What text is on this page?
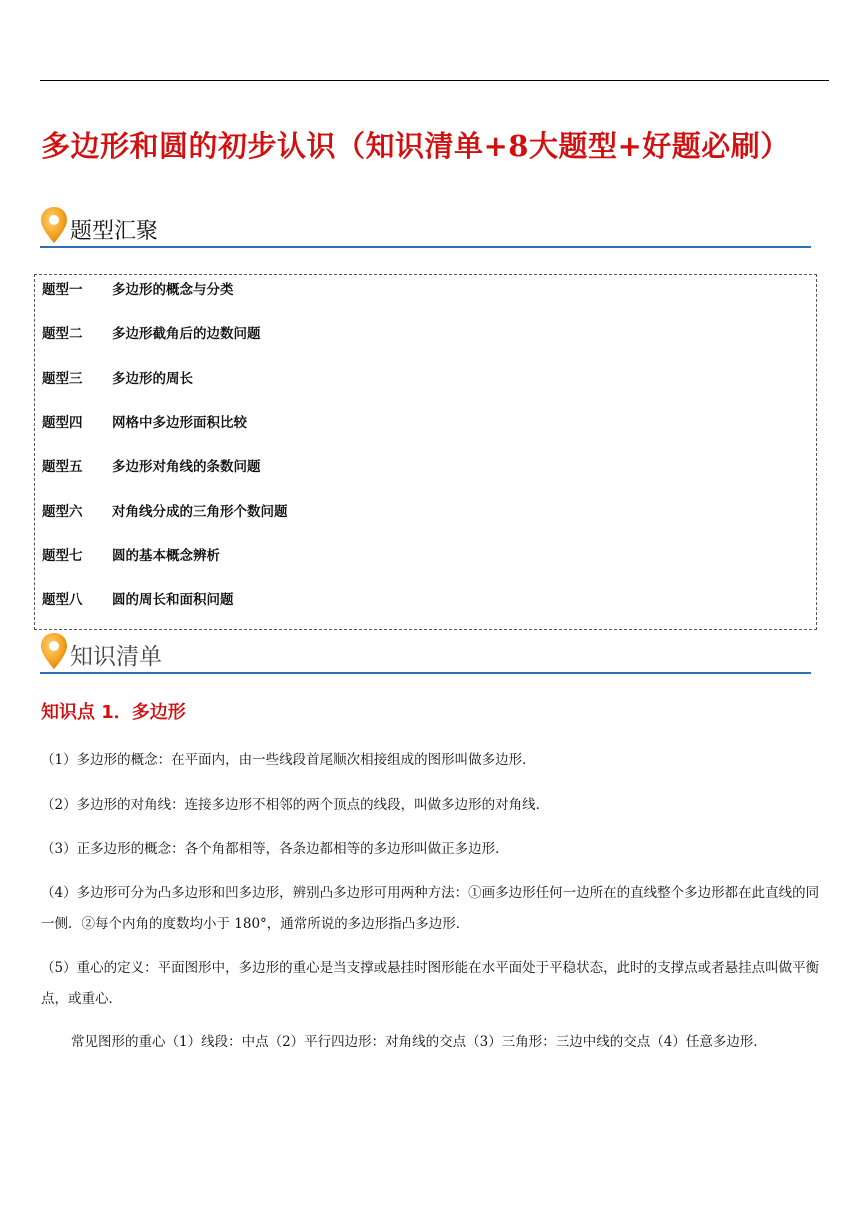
多边形和圆的初步认识（知识清单+8大题型+好题必刷）
题型汇聚
题型一 多边形的概念与分类
题型二 多边形截角后的边数问题
题型三 多边形的周长
题型四 网格中多边形面积比较
题型五 多边形对角线的条数问题
题型六 对角线分成的三角形个数问题
题型七 圆的基本概念辨析
题型八 圆的周长和面积问题
知识清单
知识点 1．多边形

（1）多边形的概念：在平面内，由一些线段首尾顺次相接组成的图形叫做多边形．

（2）多边形的对角线：连接多边形不相邻的两个顶点的线段，叫做多边形的对角线．

（3）正多边形的概念：各个角都相等，各条边都相等的多边形叫做正多边形．

（4）多边形可分为凸多边形和凹多边形，辨别凸多边形可用两种方法：①画多边形任何一边所在的直线整个多边形都在此直线的同一侧．②每个内角的度数均小于 180°，通常所说的多边形指凸多边形．

（5）重心的定义：平面图形中，多边形的重心是当支撑或悬挂时图形能在水平面处于平稳状态，此时的支撑点或者悬挂点叫做平衡点，或重心．

常见图形的重心（1）线段：中点（2）平行四边形：对角线的交点（3）三角形：三边中线的交点（4）任意多边形．
